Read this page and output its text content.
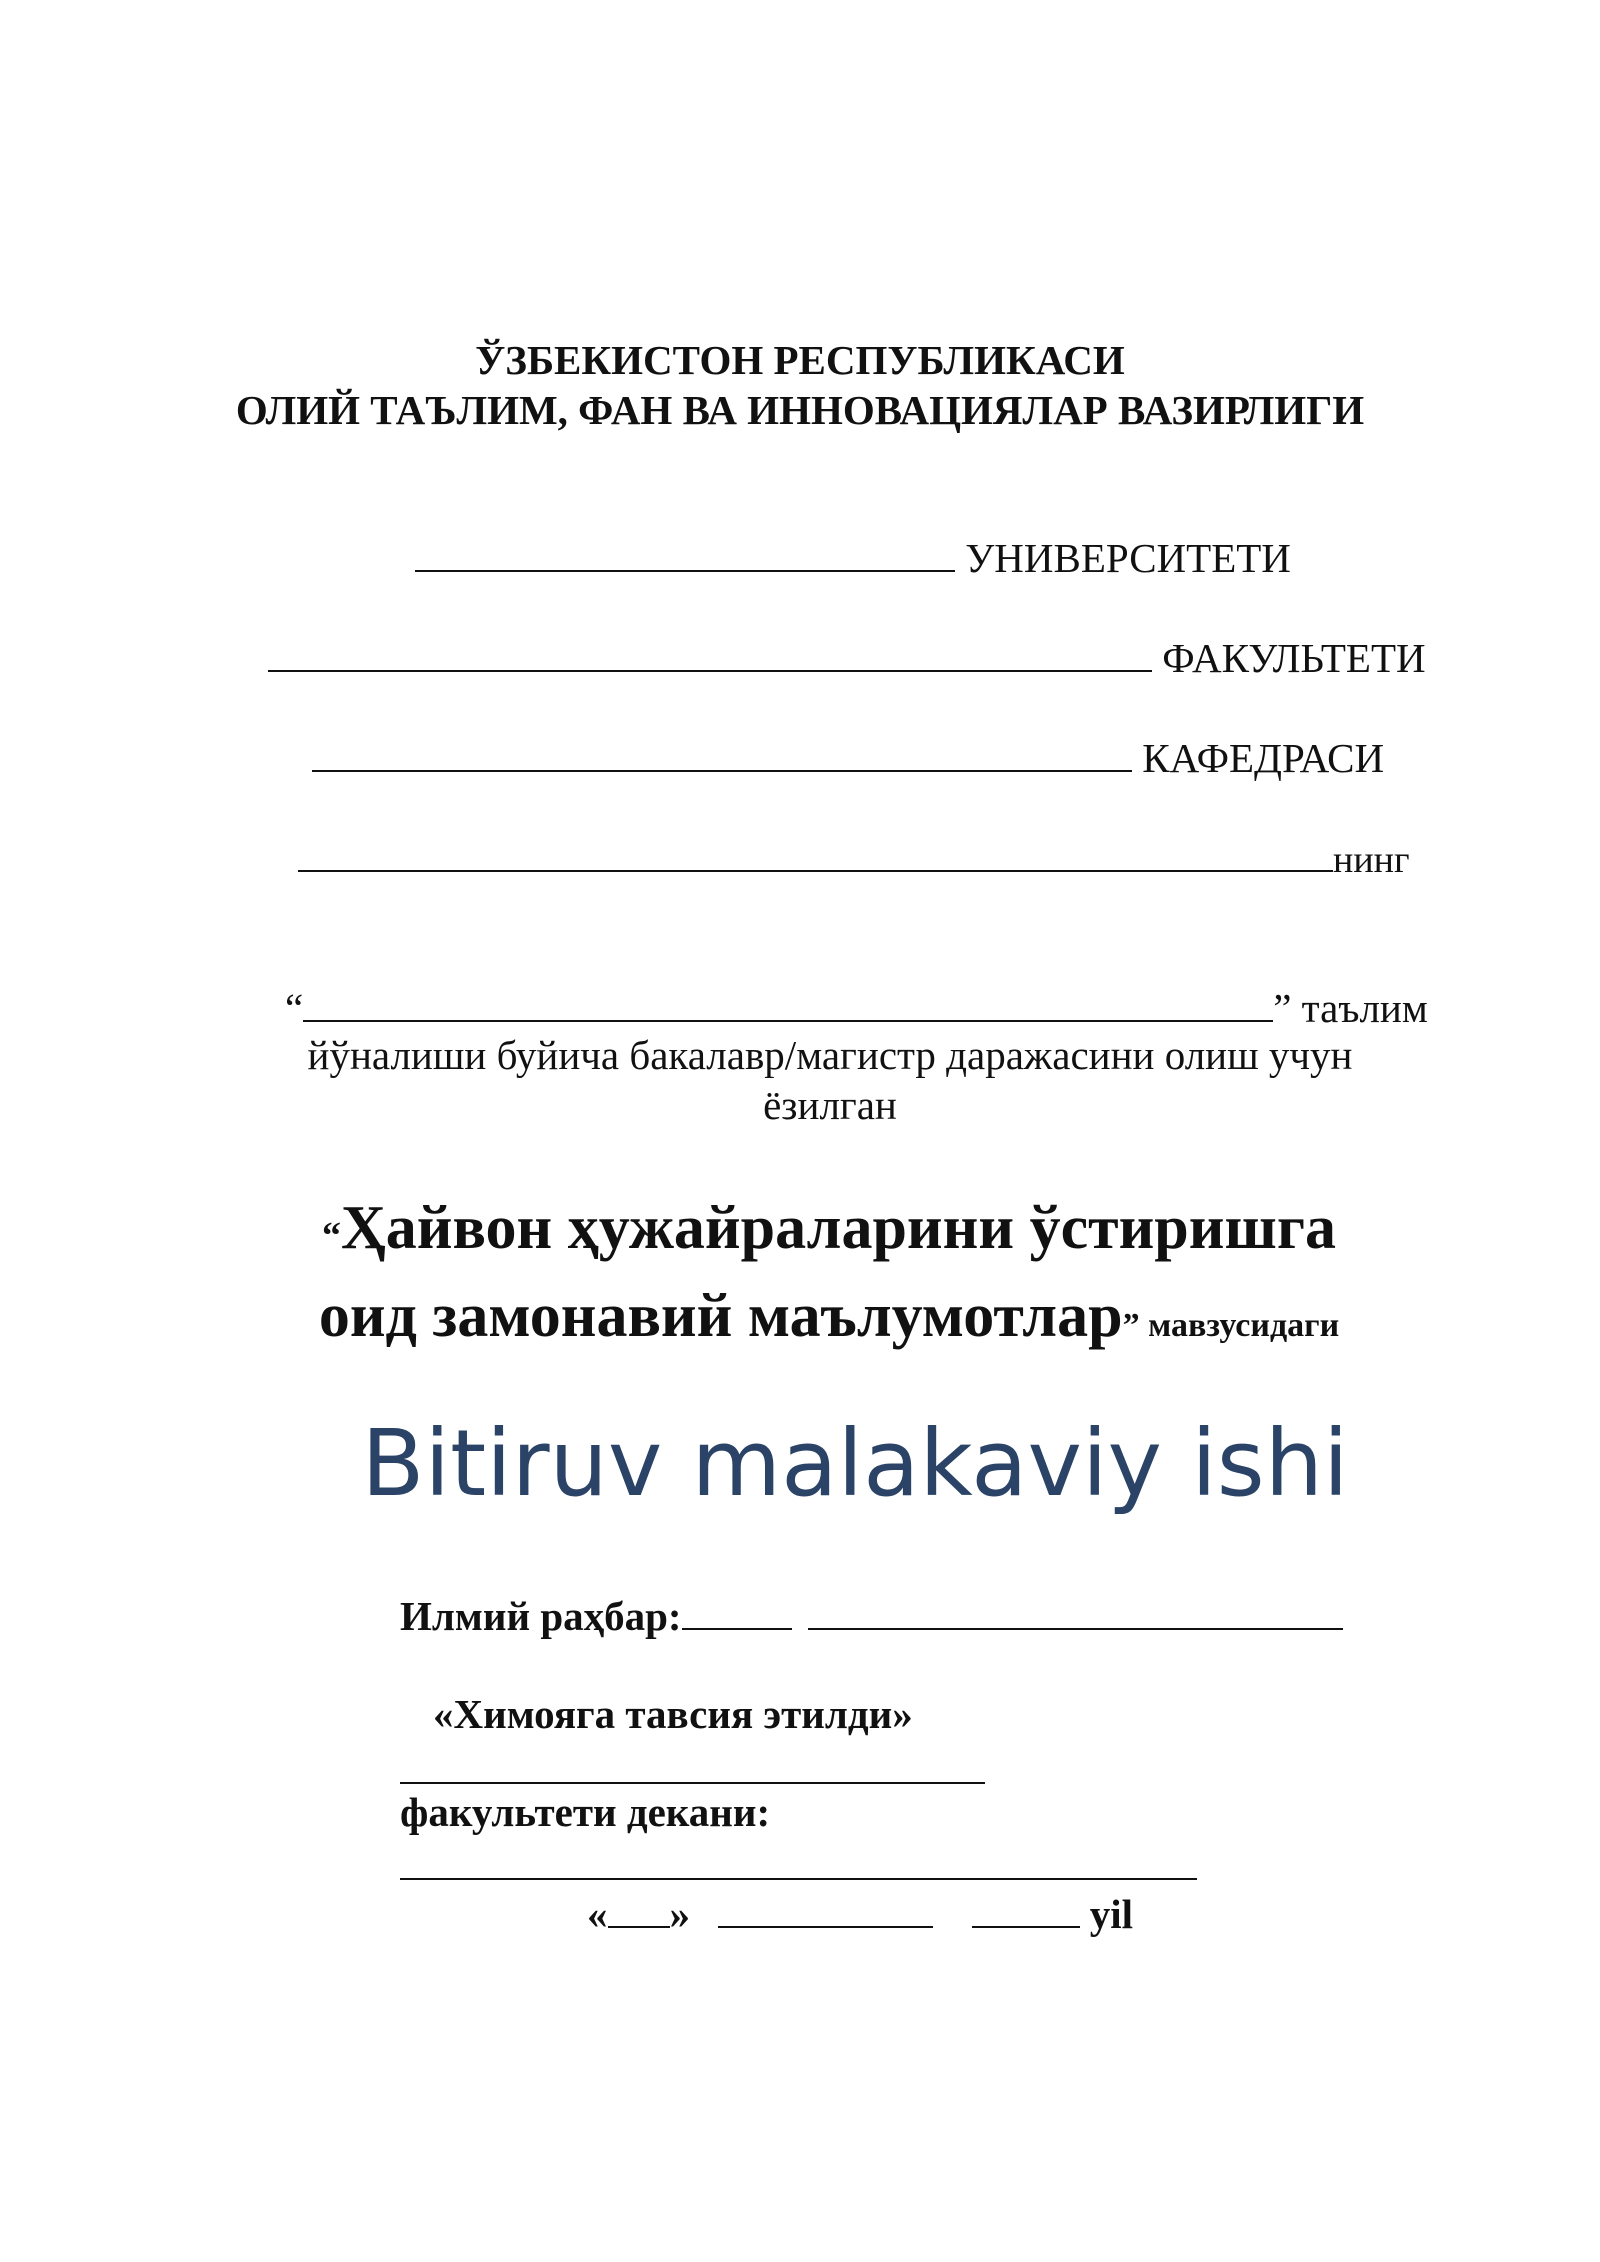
ЎЗБЕКИСТОН РЕСПУБЛИКАСИ
ОЛИЙ ТАЪЛИМ, ФАН ВА ИННОВАЦИЯЛАР ВАЗИРЛИГИ
УНИВЕРСИТЕТИ
ФАКУЛЬТЕТИ
КАФЕДРАСИ
нинг
“	” таълим
йўналиши буйича бакалавр/магистр даражасини олиш учун
ёзилган
“Ҳайвон ҳужайраларини ўстиришга
оид замонавий маълумотлар” мавзусидаги
Bitiruv malakaviy ishi
Илмий раҳбар:
«Химояга тавсия этилди»
факультети декани:
« »	yil
